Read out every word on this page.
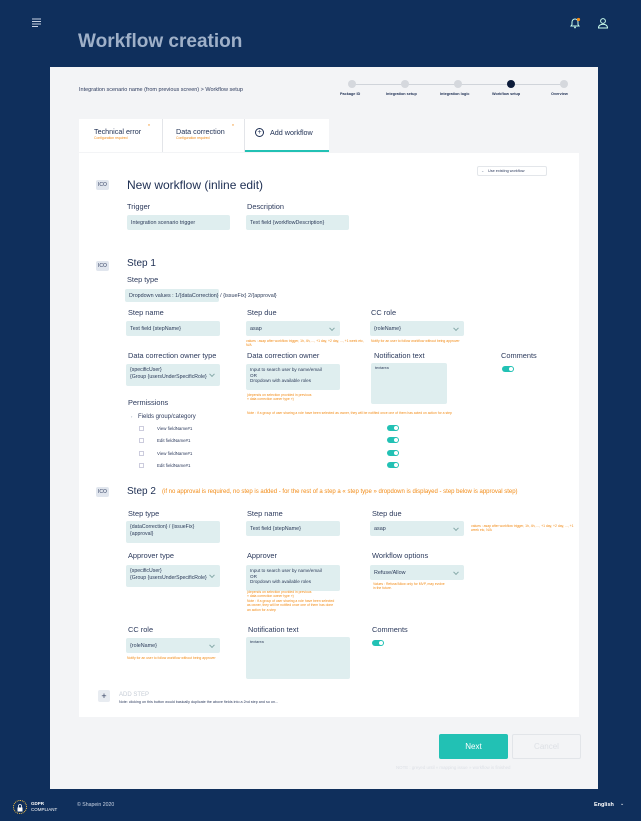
Workflow creation
Integration scenario name (from previous screen) > Workflow setup
Package ID	Integration setup	Integration logic	Workflow setup	Overview
Technical error *
Configuration required
Data correction *
Configuration required
+	Add workflow
⌄ Use existing workflow
ICO New workflow (inline edit)
Trigger
Integration scenario trigger
Description
Text field {workflowDescription}
ICO Step 1
Step type
Dropdown values : 1/{dataCorrection} / {issueFix} 2/{approval}
Step name
Text field {stepName}
Step due
asap
values : asap after workflow trigger, 1h, 4h, ..., +1 day, +2 day, ..., +1 week etc, N/A
CC role
{roleName}
Notify for an user to follow workflow without being approver
Data correction owner type
{specificUser}
{Group {usersUnderSpecificRole}
Data correction owner
Input to search user by name/email
OR
Dropdown with available roles
(depends on selection provided in previous
« data correction owner type »)
Notification text
textarea
Comments
Note : if a group of user sharing a role have been selected as owner, they will be notified once one of them has acted on action for a step
Permissions
› Fields group/category
View fieldName#1
Edit fieldName#1
View fieldName#1
Edit fieldName#1
ICO Step 2 (if no approval is required, no step is added - for the rest of a step a « step type » dropdown is displayed - step below is approval step)
Step type
{dataCorrection} / {issueFix}
{approval}
Step name
Text field {stepName}
Step due
asap	values : asap after workflow trigger, 1h, 4h, ..., +1 day, +2 day, ..., +1 week etc, N/A
Approver type
{specificUser}
{Group {usersUnderSpecificRole}
Approver
Input to search user by name/email
OR
Dropdown with available roles
(depends on selection provided in previous
« data correction owner type »)
Note : if a group of user sharing a role have been selected
as owner, they will be notified once one of them has done
an action for a step
Workflow options
Refuse/Allow
Values : Refuse/Allow only for MVP, may evolve
in the future.
CC role
{roleName}
Notify for an user to follow workflow without being approver
Notification text
textarea
Comments
+	ADD STEP
Note: clicking on this button would basically duplicate the above fields into a 2nd step and so on...
Next	Cancel
NOTE : greyed until « mapping issue » workflow is finished
GDPR
COMPLIANT
© Shapein 2020	English ⌄
